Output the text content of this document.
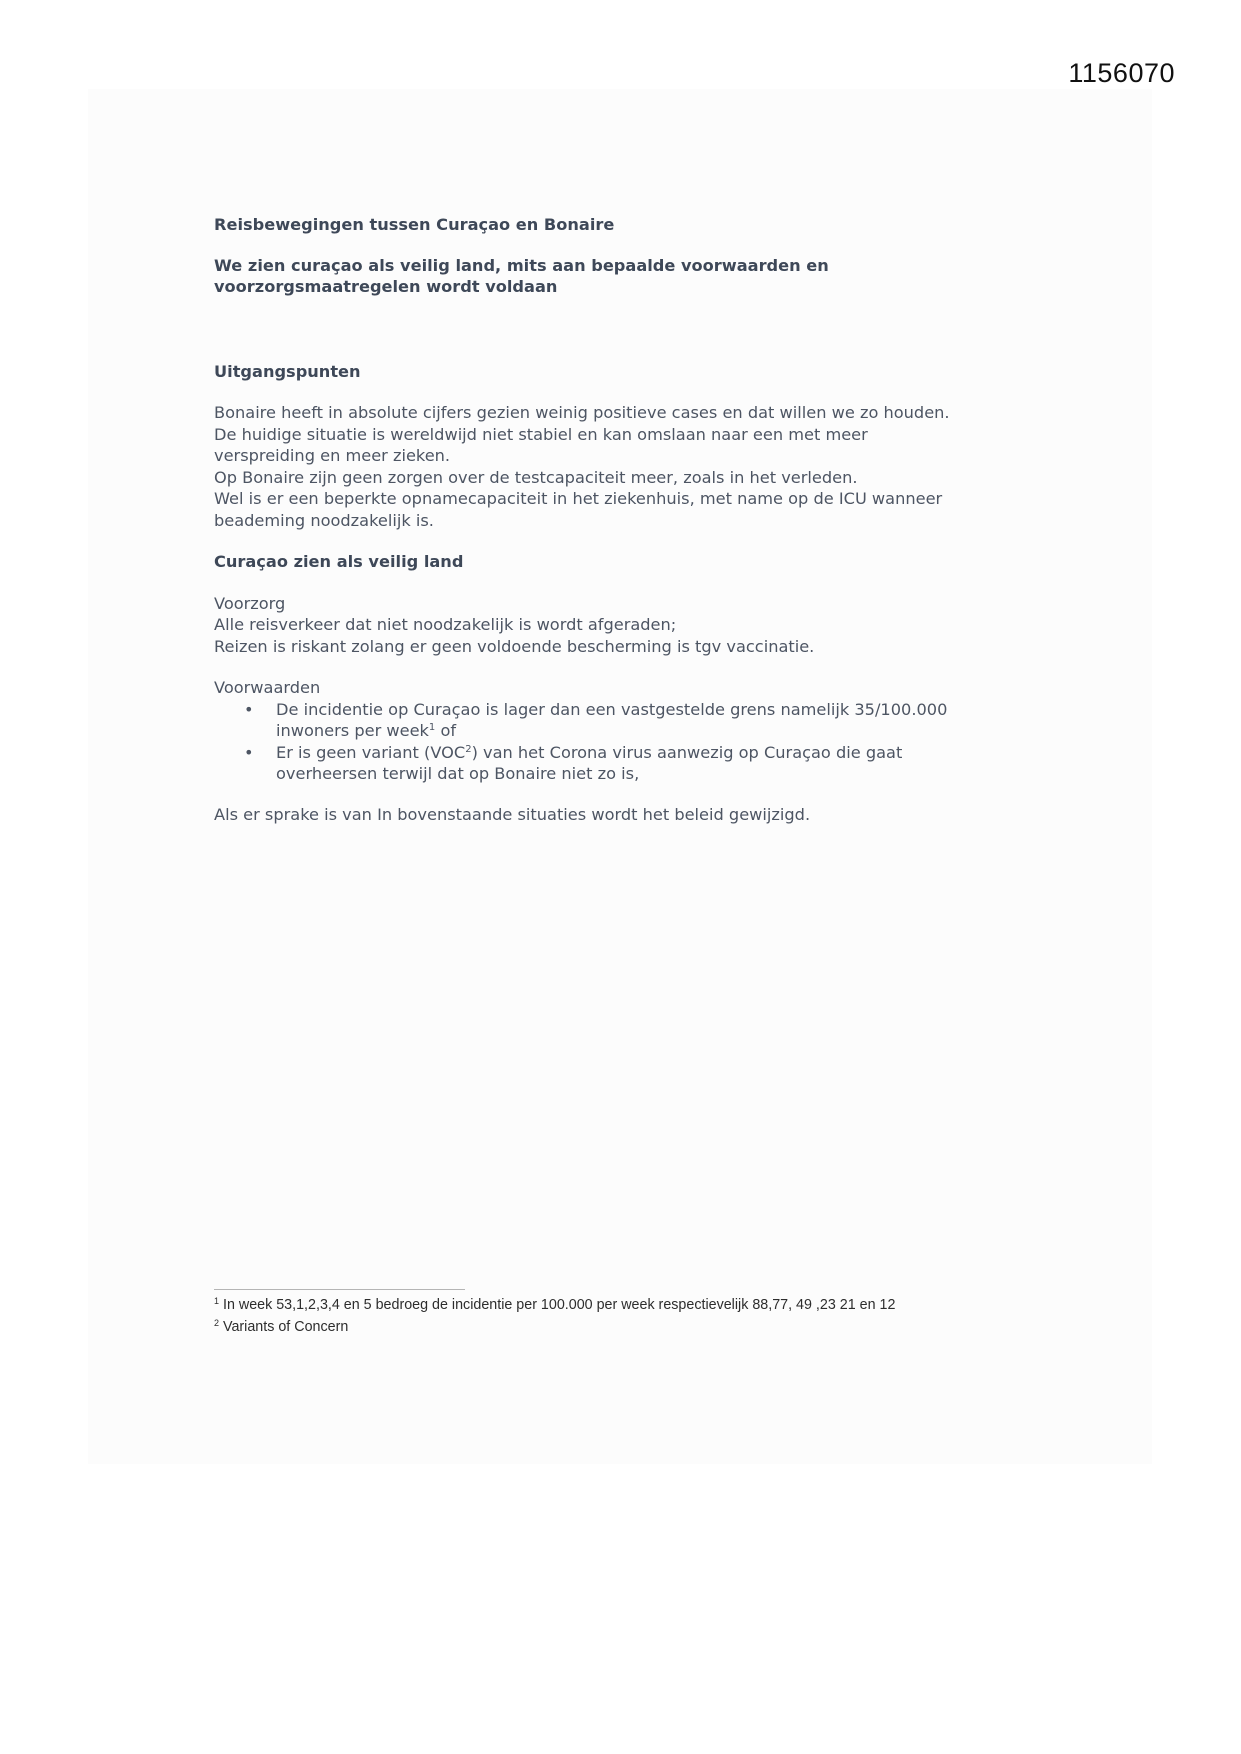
1156070

Reisbewegingen tussen Curaçao en Bonaire

We zien curaçao als veilig land, mits aan bepaalde voorwaarden en

voorzorgsmaatregelen wordt voldaan

Uitgangspunten

Bonaire heeft in absolute cijfers gezien weinig positieve cases en dat willen we zo houden.

De huidige situatie is wereldwijd niet stabiel en kan omslaan naar een met meer

verspreiding en meer zieken.

Op Bonaire zijn geen zorgen over de testcapaciteit meer, zoals in het verleden.

Wel is er een beperkte opnamecapaciteit in het ziekenhuis, met name op de ICU wanneer

beademing noodzakelijk is.

Curaçao zien als veilig land

Voorzorg

Alle reisverkeer dat niet noodzakelijk is wordt afgeraden;

Reizen is riskant zolang er geen voldoende bescherming is tgv vaccinatie.

Voorwaarden

• De incidentie op Curaçao is lager dan een vastgestelde grens namelijk 35/100.000
inwoners per week$^1$ of
• Er is geen variant (VOC$^2$) van het Corona virus aanwezig op Curaçao die gaat
overheersen terwijl dat op Bonaire niet zo is,

Als er sprake is van In bovenstaande situaties wordt het beleid gewijzigd.

$^1$ In week 53,1,2,3,4 en 5 bedroeg de incidentie per 100.000 per week respectievelijk 88,77, 49 ,23 21 en 12
$^2$ Variants of Concern
